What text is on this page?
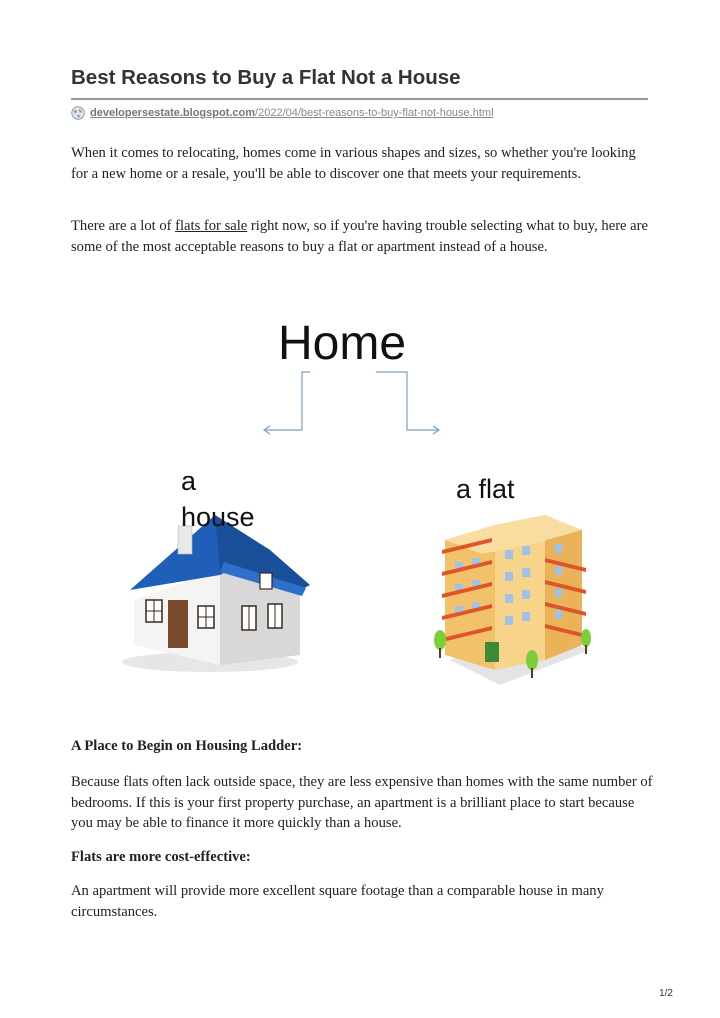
Best Reasons to Buy a Flat Not a House
developersestate.blogspot.com/2022/04/best-reasons-to-buy-flat-not-house.html

When it comes to relocating, homes come in various shapes and sizes, so whether you're looking for a new home or a resale, you'll be able to discover one that meets your requirements.

There are a lot of flats for sale right now, so if you're having trouble selecting what to buy, here are some of the most acceptable reasons to buy a flat or apartment instead of a house.

Home
a
house
a flat
A Place to Begin on Housing Ladder:

Because flats often lack outside space, they are less expensive than homes with the same number of bedrooms. If this is your first property purchase, an apartment is a brilliant place to start because you may be able to finance it more quickly than a house.

Flats are more cost-effective:

An apartment will provide more excellent square footage than a comparable house in many circumstances.

1/2
